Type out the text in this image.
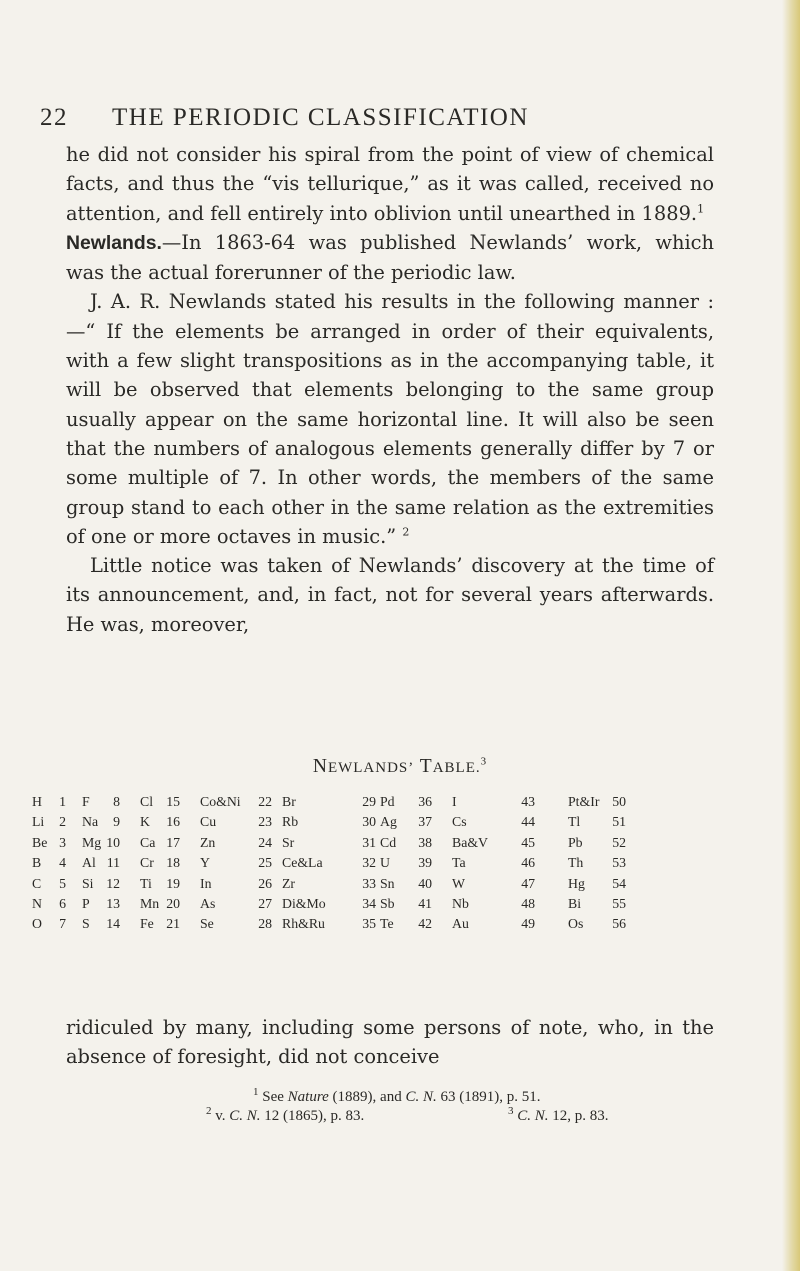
22 THE PERIODIC CLASSIFICATION

he did not consider his spiral from the point of view of chemical facts, and thus the “vis tellurique,” as it was called, received no attention, and fell entirely into oblivion until unearthed in 1889.$^1$

Newlands.—In 1863-64 was published Newlands’ work, which was the actual forerunner of the periodic law.

J. A. R. Newlands stated his results in the following manner :—“ If the elements be arranged in order of their equivalents, with a few slight transpositions as in the accompanying table, it will be observed that elements belonging to the same group usually appear on the same horizontal line. It will also be seen that the numbers of analogous elements generally differ by 7 or some multiple of 7. In other words, the members of the same group stand to each other in the same relation as the extremities of one or more octaves in music.” $^2$

Little notice was taken of Newlands’ discovery at the time of its announcement, and, in fact, not for several years afterwards. He was, moreover,

NEWLANDS’ TABLE.$^3$
H	1 F	8 Cl 15 Co&Ni	22 Br	29 Pd	36 I	43 Pt&Ir 50
Li	2 Na	9 K	16 Cu	23 Rb	30 Ag	37 Cs	44 Tl	51
Be 3 Mg 10 Ca 17 Zn	24 Sr	31 Cd	38 Ba&V	45 Pb	52
B	4 Al 11 Cr 18 Y	25 Ce&La	32 U	39 Ta	46 Th	53
C	5 Si 12 Ti	19 In	26 Zr	33 Sn	40 W	47 Hg	54
N	6 P	13 Mn 20 As	27 Di&Mo	34 Sb	41 Nb	48 Bi	55
O	7 S	14 Fe 21 Se	28 Rh&Ru	35 Te	42 Au	49 Os	56

ridiculed by many, including some persons of note, who, in the absence of foresight, did not conceive

$^1$ See Nature (1889), and C. N. 63 (1891), p. 51.
$^2$ v. C. N. 12 (1865), p. 83.	$^3$ C. N. 12, p. 83.
